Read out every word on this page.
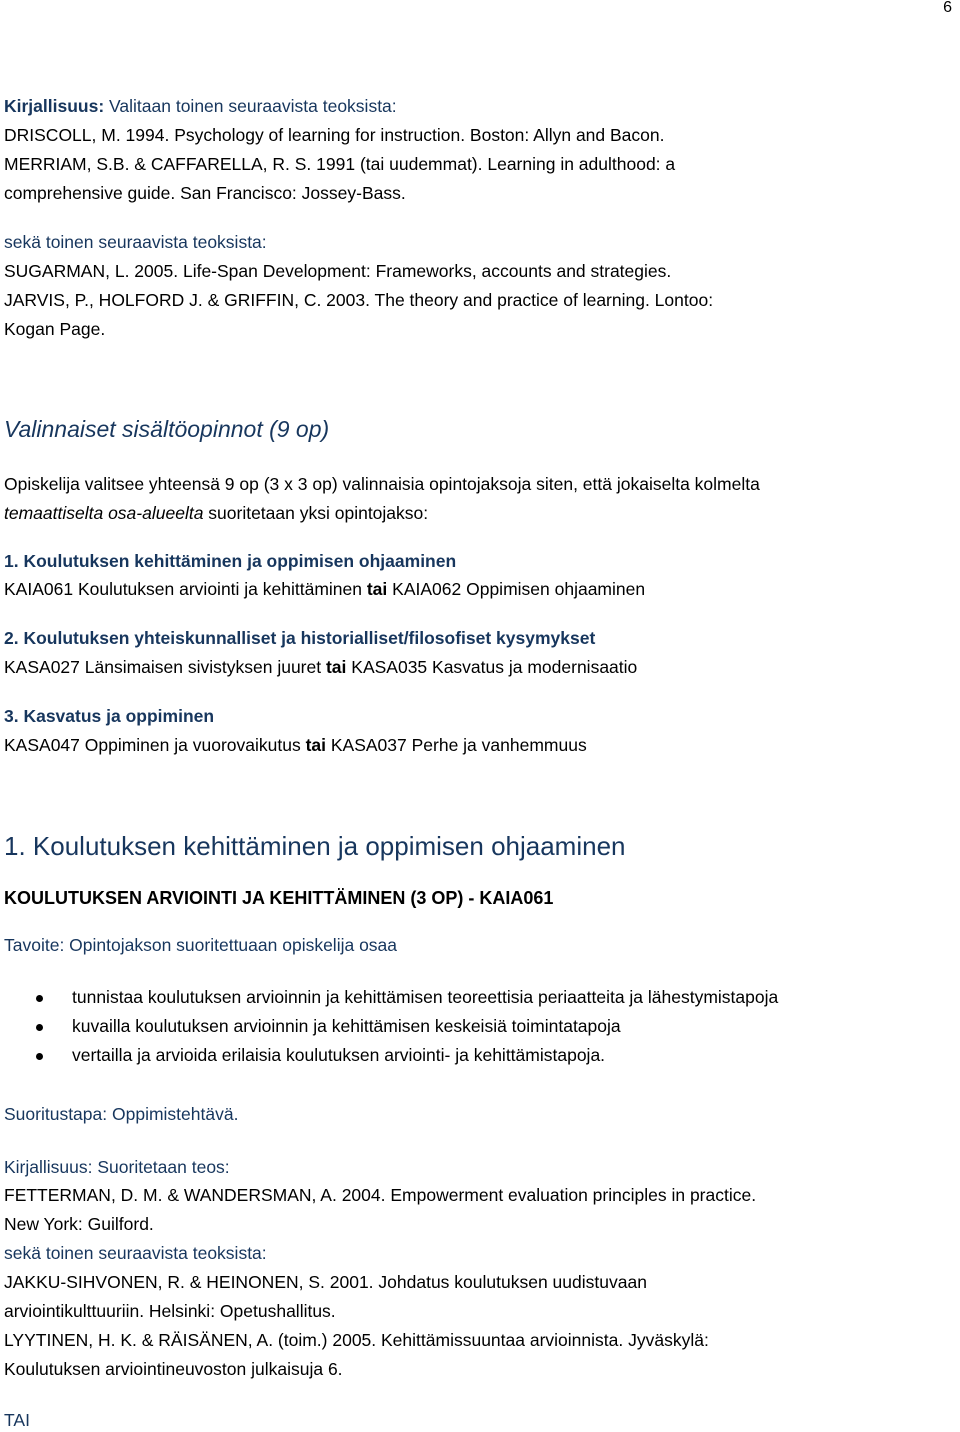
6
Kirjallisuus: Valitaan toinen seuraavista teoksista:
DRISCOLL, M. 1994. Psychology of learning for instruction. Boston: Allyn and Bacon.
MERRIAM, S.B. & CAFFARELLA, R. S. 1991 (tai uudemmat). Learning in adulthood: a
comprehensive guide. San Francisco: Jossey-Bass.
sekä toinen seuraavista teoksista:
SUGARMAN, L. 2005. Life-Span Development: Frameworks, accounts and strategies.
JARVIS, P., HOLFORD J. & GRIFFIN, C. 2003. The theory and practice of learning. Lontoo:
Kogan Page.
Valinnaiset sisältöopinnot (9 op)
Opiskelija valitsee yhteensä 9 op (3 x 3 op) valinnaisia opintojaksoja siten, että jokaiselta kolmelta
temaattiselta osa-alueelta suoritetaan yksi opintojakso:
1. Koulutuksen kehittäminen ja oppimisen ohjaaminen
KAIA061 Koulutuksen arviointi ja kehittäminen tai KAIA062 Oppimisen ohjaaminen
2. Koulutuksen yhteiskunnalliset ja historialliset/filosofiset kysymykset
KASA027 Länsimaisen sivistyksen juuret tai KASA035 Kasvatus ja modernisaatio
3. Kasvatus ja oppiminen
KASA047 Oppiminen ja vuorovaikutus tai KASA037 Perhe ja vanhemmuus
1. Koulutuksen kehittäminen ja oppimisen ohjaaminen
KOULUTUKSEN ARVIOINTI JA KEHITTÄMINEN (3 OP) - KAIA061
Tavoite: Opintojakson suoritettuaan opiskelija osaa
tunnistaa koulutuksen arvioinnin ja kehittämisen teoreettisia periaatteita ja lähestymistapoja
kuvailla koulutuksen arvioinnin ja kehittämisen keskeisiä toimintatapoja
vertailla ja arvioida erilaisia koulutuksen arviointi- ja kehittämistapoja.
Suoritustapa: Oppimistehtävä.
Kirjallisuus: Suoritetaan teos:
FETTERMAN, D. M. & WANDERSMAN, A. 2004. Empowerment evaluation principles in practice.
New York: Guilford.
sekä toinen seuraavista teoksista:
JAKKU-SIHVONEN, R. & HEINONEN, S. 2001. Johdatus koulutuksen uudistuvaan
arviointikulttuuriin. Helsinki: Opetushallitus.
LYYTINEN, H. K. & RÄISÄNEN, A. (toim.) 2005. Kehittämissuuntaa arvioinnista. Jyväskylä:
Koulutuksen arviointineuvoston julkaisuja 6.
TAI
